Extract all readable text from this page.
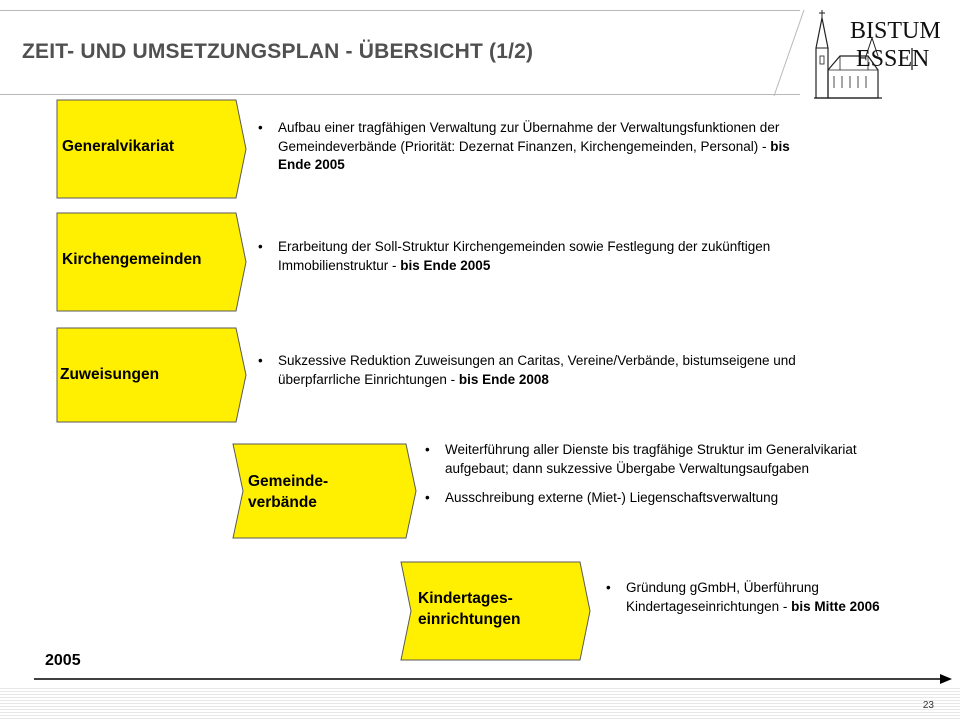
ZEIT- UND UMSETZUNGSPLAN - ÜBERSICHT (1/2)
BISTUM
ESSEN
Generalvikariat
• Aufbau einer tragfähigen Verwaltung zur Übernahme der Verwaltungsfunktionen der Gemeindeverbände (Priorität: Dezernat Finanzen, Kirchengemeinden, Personal) - bis Ende 2005
Kirchengemeinden
• Erarbeitung der Soll-Struktur Kirchengemeinden sowie Festlegung der zukünftigen Immobilienstruktur - bis Ende 2005
Zuweisungen
• Sukzessive Reduktion Zuweisungen an Caritas, Vereine/Verbände, bistumseigene und überpfarrliche Einrichtungen - bis Ende 2008
Gemeinde-
verbände
• Weiterführung aller Dienste bis tragfähige Struktur im Generalvikariat aufgebaut; dann sukzessive Übergabe Verwaltungsaufgaben
• Ausschreibung externe (Miet-) Liegenschaftsverwaltung
Kindertages-
einrichtungen
• Gründung gGmbH, Überführung Kindertageseinrichtungen - bis Mitte 2006
2005
23
